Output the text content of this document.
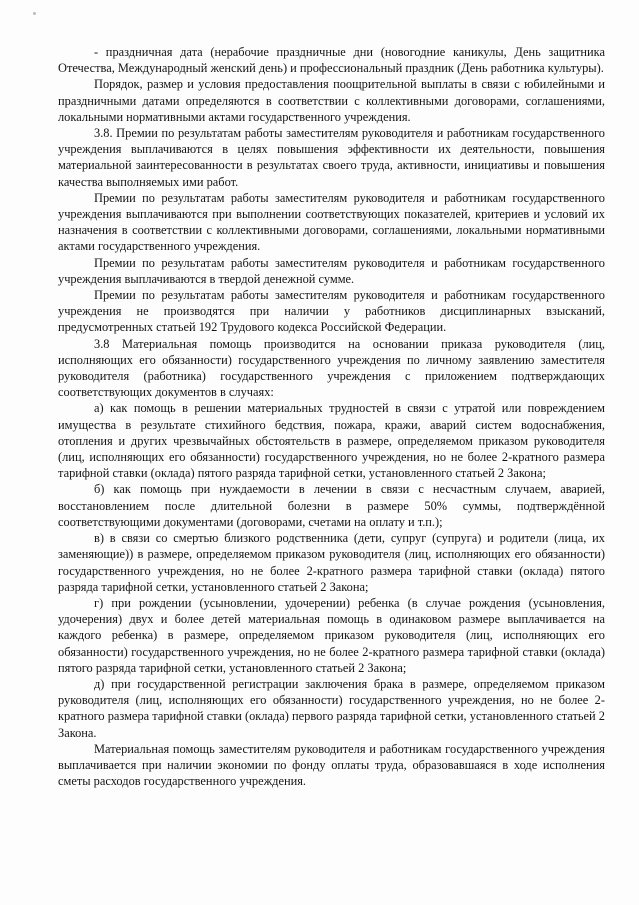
- праздничная дата (нерабочие праздничные дни (новогодние каникулы, День защитника Отечества, Международный женский день) и профессиональный праздник (День работника культуры).

Порядок, размер и условия предоставления поощрительной выплаты в связи с юбилейными и праздничными датами определяются в соответствии с коллективными договорами, соглашениями, локальными нормативными актами государственного учреждения.

3.8. Премии по результатам работы заместителям руководителя и работникам государственного учреждения выплачиваются в целях повышения эффективности их деятельности, повышения материальной заинтересованности в результатах своего труда, активности, инициативы и повышения качества выполняемых ими работ.

Премии по результатам работы заместителям руководителя и работникам государственного учреждения выплачиваются при выполнении соответствующих показателей, критериев и условий их назначения в соответствии с коллективными договорами, соглашениями, локальными нормативными актами государственного учреждения.

Премии по результатам работы заместителям руководителя и работникам государственного учреждения выплачиваются в твердой денежной сумме.

Премии по результатам работы заместителям руководителя и работникам государственного учреждения не производятся при наличии у работников дисциплинарных взысканий, предусмотренных статьей 192 Трудового кодекса Российской Федерации.

3.8 Материальная помощь производится на основании приказа руководителя (лиц, исполняющих его обязанности) государственного учреждения по личному заявлению заместителя руководителя (работника) государственного учреждения с приложением подтверждающих соответствующих документов в случаях:

а) как помощь в решении материальных трудностей в связи с утратой или повреждением имущества в результате стихийного бедствия, пожара, кражи, аварий систем водоснабжения, отопления и других чрезвычайных обстоятельств в размере, определяемом приказом руководителя (лиц, исполняющих его обязанности) государственного учреждения, но не более 2-кратного размера тарифной ставки (оклада) пятого разряда тарифной сетки, установленного статьей 2 Закона;

б) как помощь при нуждаемости в лечении в связи с несчастным случаем, аварией, восстановлением после длительной болезни в размере 50% суммы, подтверждённой соответствующими документами (договорами, счетами на оплату и т.п.);

в) в связи со смертью близкого родственника (дети, супруг (супруга) и родители (лица, их заменяющие)) в размере, определяемом приказом руководителя (лиц, исполняющих его обязанности) государственного учреждения, но не более 2-кратного размера тарифной ставки (оклада) пятого разряда тарифной сетки, установленного статьей 2 Закона;

г) при рождении (усыновлении, удочерении) ребенка (в случае рождения (усыновления, удочерения) двух и более детей материальная помощь в одинаковом размере выплачивается на каждого ребенка) в размере, определяемом приказом руководителя (лиц, исполняющих его обязанности) государственного учреждения, но не более 2-кратного размера тарифной ставки (оклада) пятого разряда тарифной сетки, установленного статьей 2 Закона;

д) при государственной регистрации заключения брака в размере, определяемом приказом руководителя (лиц, исполняющих его обязанности) государственного учреждения, но не более 2-кратного размера тарифной ставки (оклада) первого разряда тарифной сетки, установленного статьей 2 Закона.

Материальная помощь заместителям руководителя и работникам государственного учреждения выплачивается при наличии экономии по фонду оплаты труда, образовавшаяся в ходе исполнения сметы расходов государственного учреждения.
